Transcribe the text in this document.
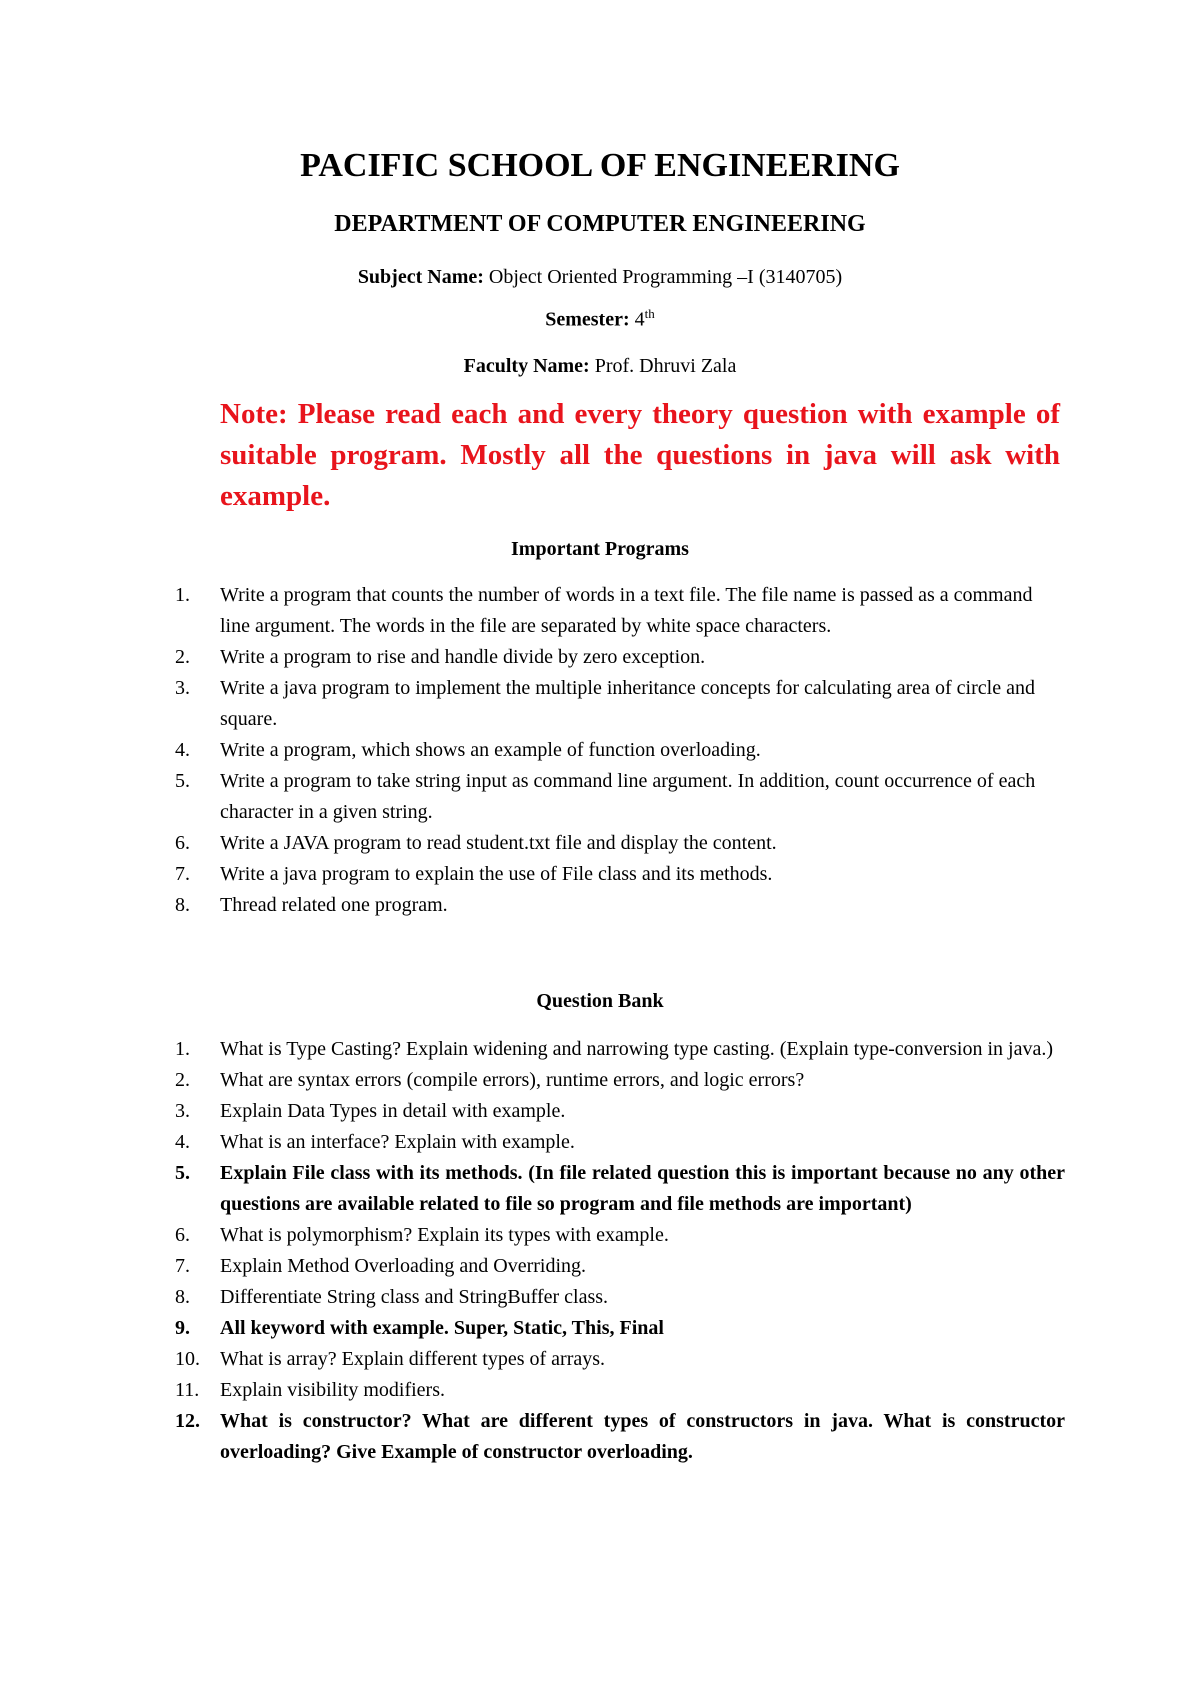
PACIFIC SCHOOL OF ENGINEERING
DEPARTMENT OF COMPUTER ENGINEERING
Subject Name: Object Oriented Programming –I (3140705)
Semester: 4th
Faculty Name: Prof. Dhruvi Zala
Note: Please read each and every theory question with example of suitable program. Mostly all the questions in java will ask with example.
Important Programs
1.	Write a program that counts the number of words in a text file. The file name is passed as a command line argument. The words in the file are separated by white space characters.
2.	Write a program to rise and handle divide by zero exception.
3.	Write a java program to implement the multiple inheritance concepts for calculating area of circle and square.
4.	Write a program, which shows an example of function overloading.
5.	Write a program to take string input as command line argument. In addition, count occurrence of each character in a given string.
6.	Write a JAVA program to read student.txt file and display the content.
7.	Write a java program to explain the use of File class and its methods.
8.	Thread related one program.
Question Bank
1.	What is Type Casting? Explain widening and narrowing type casting. (Explain type-conversion in java.)
2.	What are syntax errors (compile errors), runtime errors, and logic errors?
3.	Explain Data Types in detail with example.
4.	What is an interface? Explain with example.
5.	Explain File class with its methods. (In file related question this is important because no any other questions are available related to file so program and file methods are important)
6.	What is polymorphism? Explain its types with example.
7.	Explain Method Overloading and Overriding.
8.	Differentiate String class and StringBuffer class.
9.	All keyword with example. Super, Static, This, Final
10.	What is array? Explain different types of arrays.
11.	Explain visibility modifiers.
12.	What is constructor? What are different types of constructors in java. What is constructor overloading? Give Example of constructor overloading.
